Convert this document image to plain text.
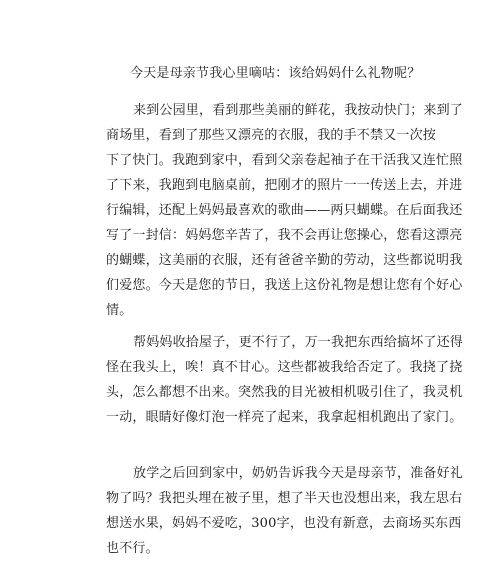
今天是母亲节我心里嘀咕：该给妈妈什么礼物呢？
来到公园里，看到那些美丽的鲜花，我按动快门；来到了
商场里，看到了那些又漂亮的衣服，我的手不禁又一次按
下了快门。我跑到家中，看到父亲卷起袖子在干活我又连忙照
了下来，我跑到电脑桌前，把刚才的照片一一传送上去，并进
行编辑，还配上妈妈最喜欢的歌曲——两只蝴蝶。在后面我还
写了一封信：妈妈您辛苦了，我不会再让您操心，您看这漂亮
的蝴蝶，这美丽的衣服，还有爸爸辛勤的劳动，这些都说明我
们爱您。今天是您的节日，我送上这份礼物是想让您有个好心
情。
帮妈妈收拾屋子，更不行了，万一我把东西给搞坏了还得
怪在我头上，唉！真不甘心。这些都被我给否定了。我挠了挠
头，怎么都想不出来。突然我的目光被相机吸引住了，我灵机
一动，眼睛好像灯泡一样亮了起来，我拿起相机跑出了家门。
放学之后回到家中，奶奶告诉我今天是母亲节，准备好礼
物了吗？我把头埋在被子里，想了半天也没想出来，我左思右
想送水果，妈妈不爱吃，300字，也没有新意，去商场买东西
也不行。
